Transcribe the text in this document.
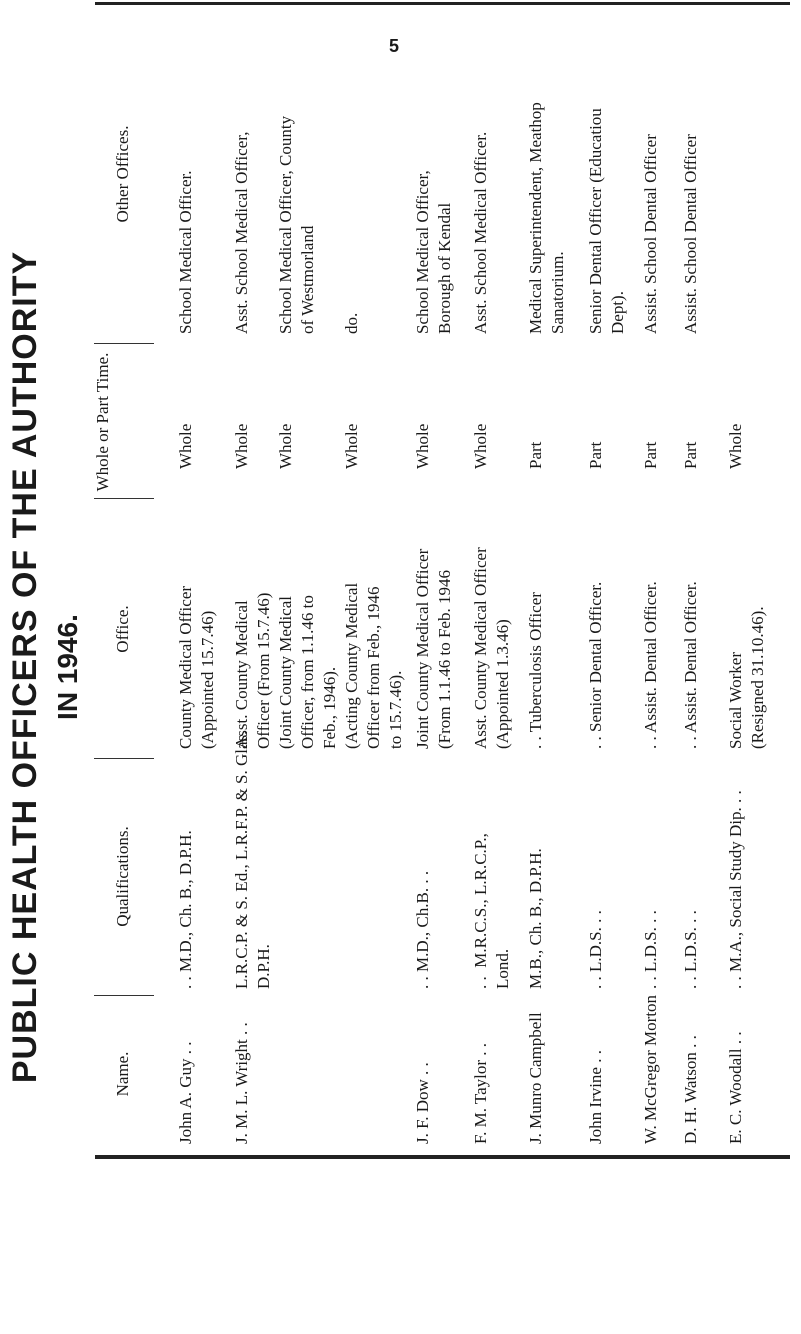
5
PUBLIC HEALTH OFFICERS OF THE AUTHORITY IN 1946.
Name.
Qualifications.
Office.
Whole or Part Time.
Other Offices.
John A. Guy . .
. . M.D., Ch. B., D.P.H.
County Medical Officer
(Appointed 15.7.46)
Whole
School Medical Officer.
J. M. L. Wright . .
L.R.C.P. & S. Ed., L.R.F.P. & S. Glas.
D.P.H.
Asst. County Medical
Officer (From 15.7.46)
(Joint County Medical
Officer, from 1.1.46 to
Feb., 1946).
(Acting County Medical
Officer from Feb., 1946
to 15.7.46).
Whole

Whole

Whole
Asst. School Medical Officer,

School Medical Officer, County
of Westmorland

do.
J. F. Dow . .
. . M.D., Ch.B. . .
Joint County Medical Officer
(From 1.1.46 to Feb. 1946
Whole
School Medical Officer,
Borough of Kendal
F. M. Taylor . .
. .  M.R.C.S., L.R.C.P.,
Lond.
Asst. County Medical Officer
(Appointed 1.3.46)
Whole
Asst. School Medical Officer.
J. Munro Campbell
M.B., Ch. B., D.P.H.
. . Tuberculosis Officer
Part
Medical Superintendent, Meathop
Sanatorium.
John Irvine . .
. . L.D.S. . .
. . Senior Dental Officer.
Part
Senior Dental Officer (Educatiou
Dept).
W. McGregor Morton
. . L.D.S. . .
. . Assist. Dental Officer.
Part
Assist. School Dental Officer
D. H. Watson . .
. . L.D.S. . .
. . Assist. Dental Officer.
Part
Assist. School Dental Officer
E. C. Woodall . .
. . M.A., Social Study Dip. . .
Social Worker
(Resigned 31.10.46).
Whole
